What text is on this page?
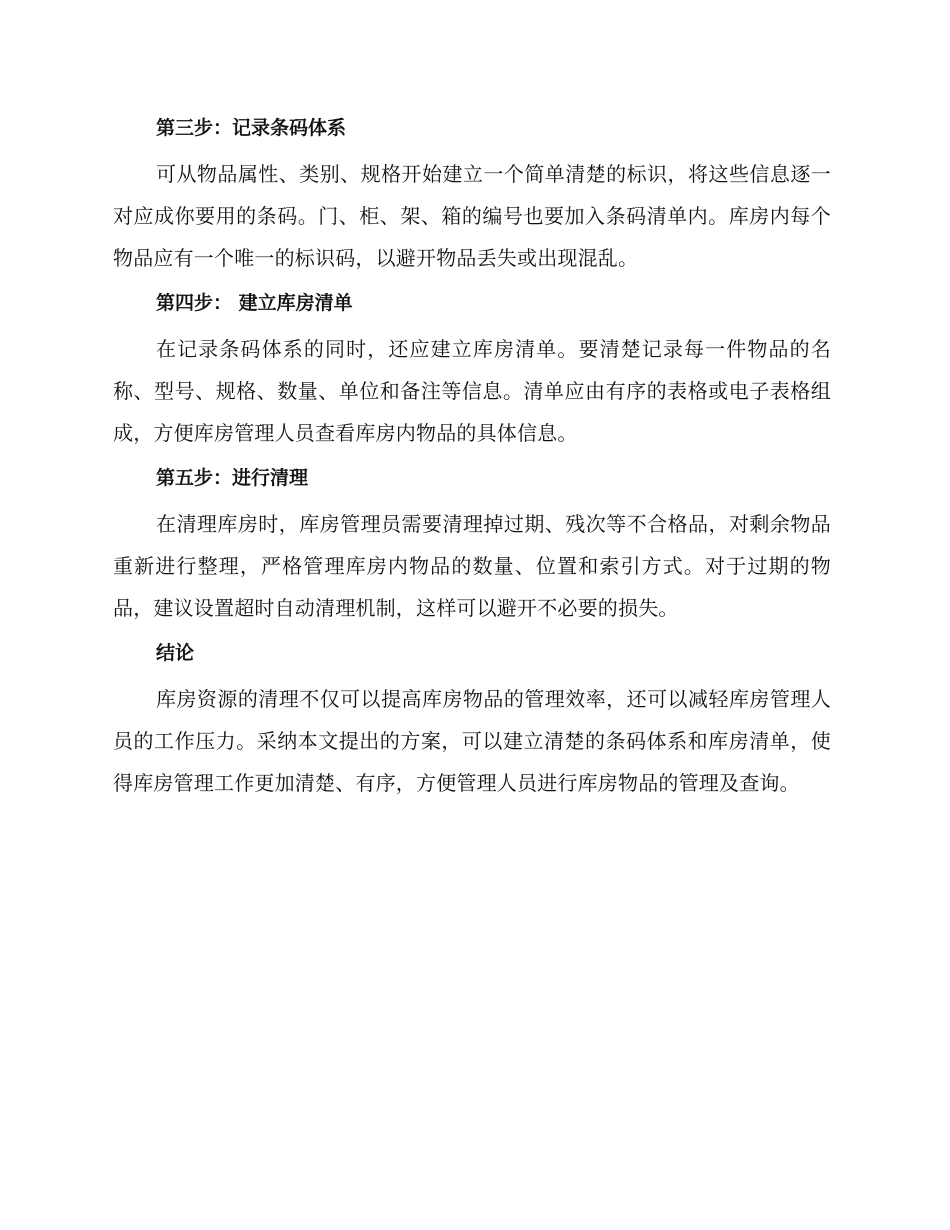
第三步：记录条码体系

可从物品属性、类别、规格开始建立一个简单清楚的标识，将这些信息逐一对应成你要用的条码。门、柜、架、箱的编号也要加入条码清单内。库房内每个物品应有一个唯一的标识码，以避开物品丢失或出现混乱。

第四步： 建立库房清单

在记录条码体系的同时，还应建立库房清单。要清楚记录每一件物品的名称、型号、规格、数量、单位和备注等信息。清单应由有序的表格或电子表格组成，方便库房管理人员查看库房内物品的具体信息。

第五步：进行清理

在清理库房时，库房管理员需要清理掉过期、残次等不合格品，对剩余物品重新进行整理，严格管理库房内物品的数量、位置和索引方式。对于过期的物品，建议设置超时自动清理机制，这样可以避开不必要的损失。

结论

库房资源的清理不仅可以提高库房物品的管理效率，还可以减轻库房管理人员的工作压力。采纳本文提出的方案，可以建立清楚的条码体系和库房清单，使得库房管理工作更加清楚、有序，方便管理人员进行库房物品的管理及查询。
